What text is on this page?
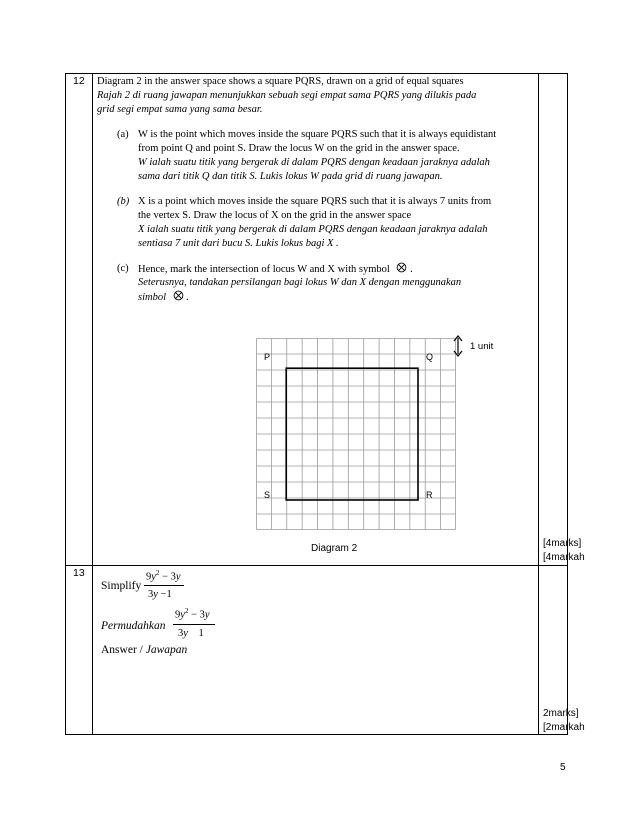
12 Diagram 2 in the answer space shows a square PQRS, drawn on a grid of equal squares
Rajah 2 di ruang jawapan menunjukkan sebuah segi empat sama PQRS yang dilukis pada
grid segi empat sama yang sama besar.
(a) W is the point which moves inside the square PQRS such that it is always equidistant
from point Q and point S. Draw the locus W on the grid in the answer space.
W ialah suatu titik yang bergerak di dalam PQRS dengan keadaan jaraknya adalah
sama dari titik Q dan titik S. Lukis lokus W pada grid di ruang jawapan.
(b) X is a point which moves inside the square PQRS such that it is always 7 units from
the vertex S. Draw the locus of X on the grid in the answer space
X ialah suatu titik yang bergerak di dalam PQRS dengan keadaan jaraknya adalah
sentiasa 7 unit dari bucu S. Lukis lokus bagi X .
(c) Hence, mark the intersection of locus W and X with symbol .
Seterusnya, tandakan persilangan bagi lokus W dan X dengan menggunakan
simbol .
P	Q
S	R
1 unit
Diagram 2	[4marks]
[4markah
13
Simplify
$9y^2 - 3y$
3y −1
Permudahkan
$9y^2 - 3y$
3y 1
Answer / Jawapan
2marks]
[2markah
5
